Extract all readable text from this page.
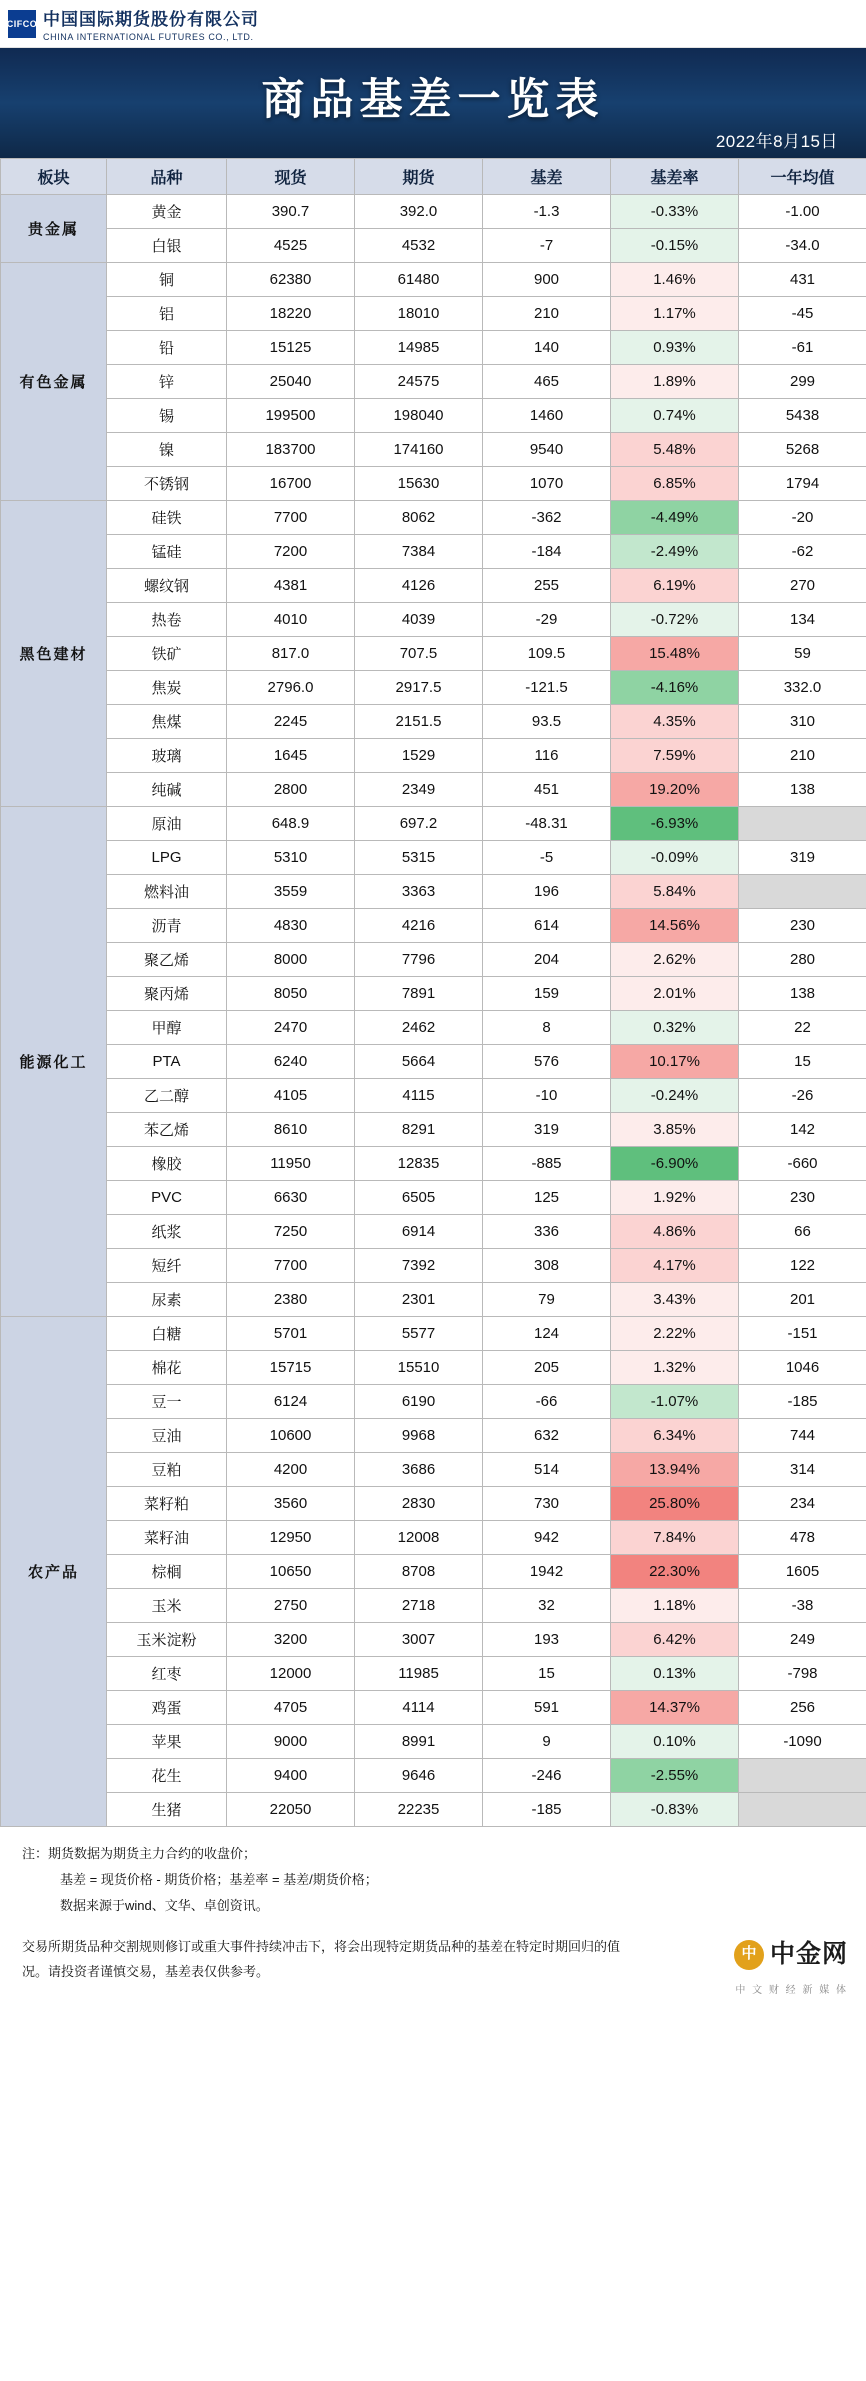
CIFCO 中国国际期货股份有限公司
CHINA INTERNATIONAL FUTURES CO., LTD.
商品基差一览表
2022年8月15日
板块	品种	现货	期货	基差	基差率	一年均值
贵金属	黄金	390.7	392.0	-1.3	-0.33%	-1.00
	白银	4525	4532	-7	-0.15%	-34.0
有色金属	铜	62380	61480	900	1.46%	431
	铝	18220	18010	210	1.17%	-45
	铅	15125	14985	140	0.93%	-61
	锌	25040	24575	465	1.89%	299
	锡	199500	198040	1460	0.74%	5438
	镍	183700	174160	9540	5.48%	5268
	不锈钢	16700	15630	1070	6.85%	1794
黑色建材	硅铁	7700	8062	-362	-4.49%	-20
	锰硅	7200	7384	-184	-2.49%	-62
	螺纹钢	4381	4126	255	6.19%	270
	热卷	4010	4039	-29	-0.72%	134
	铁矿	817.0	707.5	109.5	15.48%	59
	焦炭	2796.0	2917.5	-121.5	-4.16%	332.0
	焦煤	2245	2151.5	93.5	4.35%	310
	玻璃	1645	1529	116	7.59%	210
	纯碱	2800	2349	451	19.20%	138
能源化工	原油	648.9	697.2	-48.31	-6.93%	
	LPG	5310	5315	-5	-0.09%	319
	燃料油	3559	3363	196	5.84%	
	沥青	4830	4216	614	14.56%	230
	聚乙烯	8000	7796	204	2.62%	280
	聚丙烯	8050	7891	159	2.01%	138
	甲醇	2470	2462	8	0.32%	22
	PTA	6240	5664	576	10.17%	15
	乙二醇	4105	4115	-10	-0.24%	-26
	苯乙烯	8610	8291	319	3.85%	142
	橡胶	11950	12835	-885	-6.90%	-660
	PVC	6630	6505	125	1.92%	230
	纸浆	7250	6914	336	4.86%	66
	短纤	7700	7392	308	4.17%	122
	尿素	2380	2301	79	3.43%	201
农产品	白糖	5701	5577	124	2.22%	-151
	棉花	15715	15510	205	1.32%	1046
	豆一	6124	6190	-66	-1.07%	-185
	豆油	10600	9968	632	6.34%	744
	豆粕	4200	3686	514	13.94%	314
	菜籽粕	3560	2830	730	25.80%	234
	菜籽油	12950	12008	942	7.84%	478
	棕榈	10650	8708	1942	22.30%	1605
	玉米	2750	2718	32	1.18%	-38
	玉米淀粉	3200	3007	193	6.42%	249
	红枣	12000	11985	15	0.13%	-798
	鸡蛋	4705	4114	591	14.37%	256
	苹果	9000	8991	9	0.10%	-1090
	花生	9400	9646	-246	-2.55%	
	生猪	22050	22235	-185	-0.83%	
注：期货数据为期货主力合约的收盘价；
基差 = 现货价格 - 期货价格；基差率 = 基差/期货价格；
数据来源于wind、文华、卓创资讯。
交易所期货品种交割规则修订或重大事件持续冲击下，将会出现特定期货品种的基差在特定时期回归的值
况。请投资者谨慎交易，基差表仅供参考。
中 中金网
中 文 财 经 新 媒 体
